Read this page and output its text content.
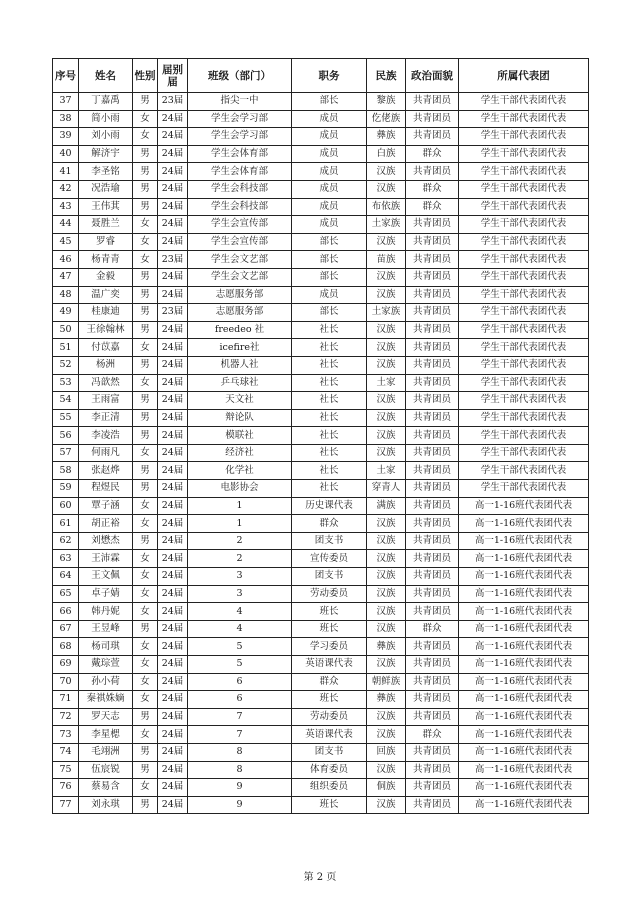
序号	姓名	性别	届别届	班级（部门）	职务	民族	政治面貌	所属代表团
37	丁嘉禹	男	23届	指尖一中	部长	黎族	共青团员	学生干部代表团代表
38	简小雨	女	24届	学生会学习部	成员	仡佬族	共青团员	学生干部代表团代表
39	刘小雨	女	24届	学生会学习部	成员	彝族	共青团员	学生干部代表团代表
40	解济宇	男	24届	学生会体育部	成员	白族	群众	学生干部代表团代表
41	李圣铭	男	24届	学生会体育部	成员	汉族	共青团员	学生干部代表团代表
42	况浩瑜	男	24届	学生会科技部	成员	汉族	群众	学生干部代表团代表
43	王伟萁	男	24届	学生会科技部	成员	布依族	群众	学生干部代表团代表
44	聂胜兰	女	24届	学生会宣传部	成员	土家族	共青团员	学生干部代表团代表
45	罗睿	女	24届	学生会宣传部	部长	汉族	共青团员	学生干部代表团代表
46	杨青青	女	23届	学生会文艺部	部长	苗族	共青团员	学生干部代表团代表
47	金毅	男	24届	学生会文艺部	部长	汉族	共青团员	学生干部代表团代表
48	温广奕	男	24届	志愿服务部	成员	汉族	共青团员	学生干部代表团代表
49	桂康迪	男	23届	志愿服务部	部长	土家族	共青团员	学生干部代表团代表
50	王徐翰林	男	24届	freedeo 社	社长	汉族	共青团员	学生干部代表团代表
51	付苡嘉	女	24届	icefire社	社长	汉族	共青团员	学生干部代表团代表
52	杨洲	男	24届	机器人社	社长	汉族	共青团员	学生干部代表团代表
53	冯歆然	女	24届	乒乓球社	社长	土家	共青团员	学生干部代表团代表
54	王雨富	男	24届	天文社	社长	汉族	共青团员	学生干部代表团代表
55	李正清	男	24届	辩论队	社长	汉族	共青团员	学生干部代表团代表
56	李凌浩	男	24届	模联社	社长	汉族	共青团员	学生干部代表团代表
57	何雨凡	女	24届	经济社	社长	汉族	共青团员	学生干部代表团代表
58	张赵烨	男	24届	化学社	社长	土家	共青团员	学生干部代表团代表
59	程煜民	男	24届	电影协会	社长	穿青人	共青团员	学生干部代表团代表
60	覃子涵	女	24届	1	历史课代表	满族	共青团员	高一1-16班代表团代表
61	胡正裕	女	24届	1	群众	汉族	共青团员	高一1-16班代表团代表
62	刘懋杰	男	24届	2	团支书	汉族	共青团员	高一1-16班代表团代表
63	王沛霖	女	24届	2	宣传委员	汉族	共青团员	高一1-16班代表团代表
64	王文佩	女	24届	3	团支书	汉族	共青团员	高一1-16班代表团代表
65	卓子婧	女	24届	3	劳动委员	汉族	共青团员	高一1-16班代表团代表
66	韩丹妮	女	24届	4	班长	汉族	共青团员	高一1-16班代表团代表
67	王昱峰	男	24届	4	班长	汉族	群众	高一1-16班代表团代表
68	杨司琪	女	24届	5	学习委员	彝族	共青团员	高一1-16班代表团代表
69	戴琮萱	女	24届	5	英语课代表	汉族	共青团员	高一1-16班代表团代表
70	孙小荷	女	24届	6	群众	朝鲜族	共青团员	高一1-16班代表团代表
71	秦祺姝嫡	女	24届	6	班长	彝族	共青团员	高一1-16班代表团代表
72	罗天志	男	24届	7	劳动委员	汉族	共青团员	高一1-16班代表团代表
73	李星楒	女	24届	7	英语课代表	汉族	群众	高一1-16班代表团代表
74	毛翊洲	男	24届	8	团支书	回族	共青团员	高一1-16班代表团代表
75	伍宸锐	男	24届	8	体育委员	汉族	共青团员	高一1-16班代表团代表
76	蔡易含	女	24届	9	组织委员	侗族	共青团员	高一1-16班代表团代表
77	刘永琪	男	24届	9	班长	汉族	共青团员	高一1-16班代表团代表
第 2 页
